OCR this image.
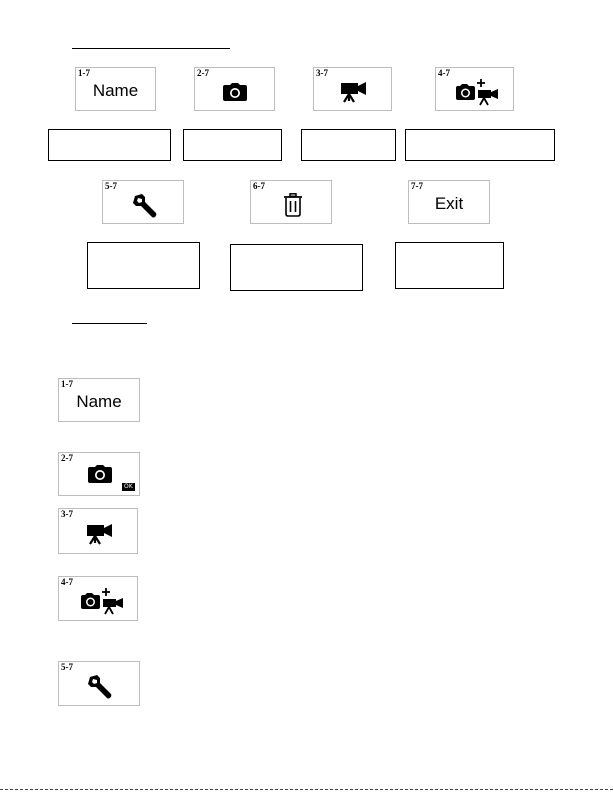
1-7
Name
2-7	3-7	4-7
5-7	6-7	7-7
Exit
1-7
Name
2-7
OK
3-7
4-7
5-7
